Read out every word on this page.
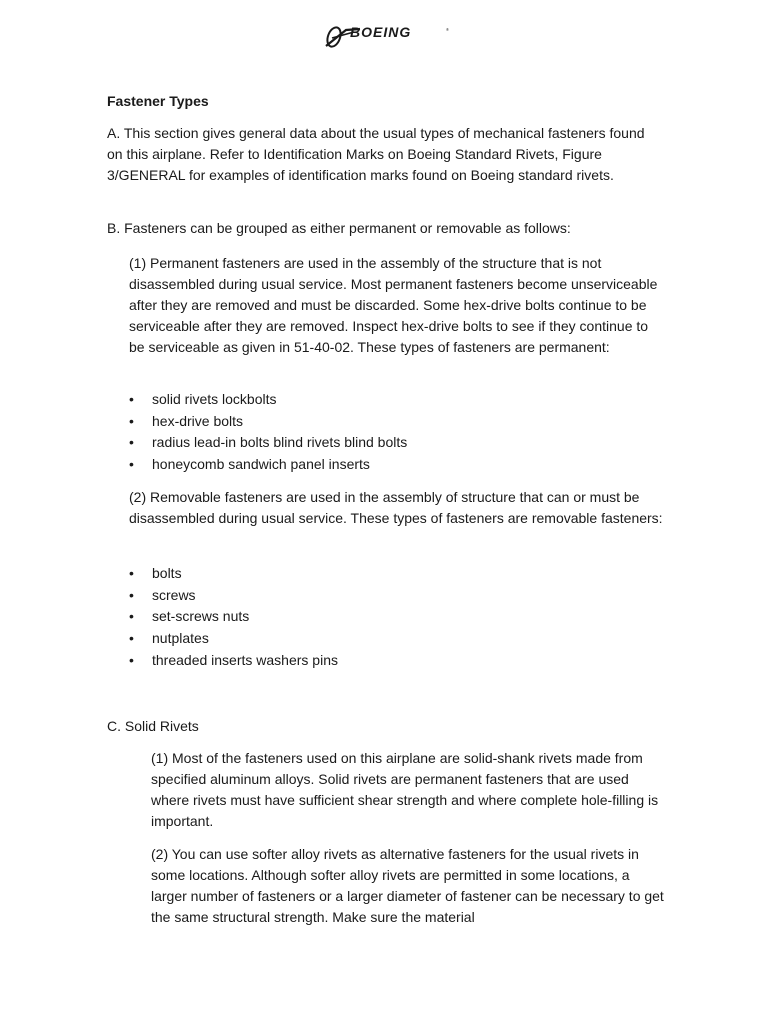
BOEING	®
Fastener Types

A. This section gives general data about the usual types of mechanical fasteners found on this airplane. Refer to Identification Marks on Boeing Standard Rivets, Figure 3/GENERAL for examples of identification marks found on Boeing standard rivets.

B. Fasteners can be grouped as either permanent or removable as follows:

(1) Permanent fasteners are used in the assembly of the structure that is not disassembled during usual service. Most permanent fasteners become unserviceable after they are removed and must be discarded. Some hex-drive bolts continue to be serviceable after they are removed. Inspect hex-drive bolts to see if they continue to be serviceable as given in 51-40-02. These types of fasteners are permanent:

• solid rivets lockbolts
• hex-drive bolts
• radius lead-in bolts blind rivets blind bolts
• honeycomb sandwich panel inserts

(2) Removable fasteners are used in the assembly of structure that can or must be disassembled during usual service. These types of fasteners are removable fasteners:

• bolts
• screws
• set-screws nuts
• nutplates
• threaded inserts washers pins

C. Solid Rivets

(1) Most of the fasteners used on this airplane are solid-shank rivets made from specified aluminum alloys. Solid rivets are permanent fasteners that are used where rivets must have sufficient shear strength and where complete hole-filling is important.

(2) You can use softer alloy rivets as alternative fasteners for the usual rivets in some locations. Although softer alloy rivets are permitted in some locations, a larger number of fasteners or a larger diameter of fastener can be necessary to get the same structural strength. Make sure the material
